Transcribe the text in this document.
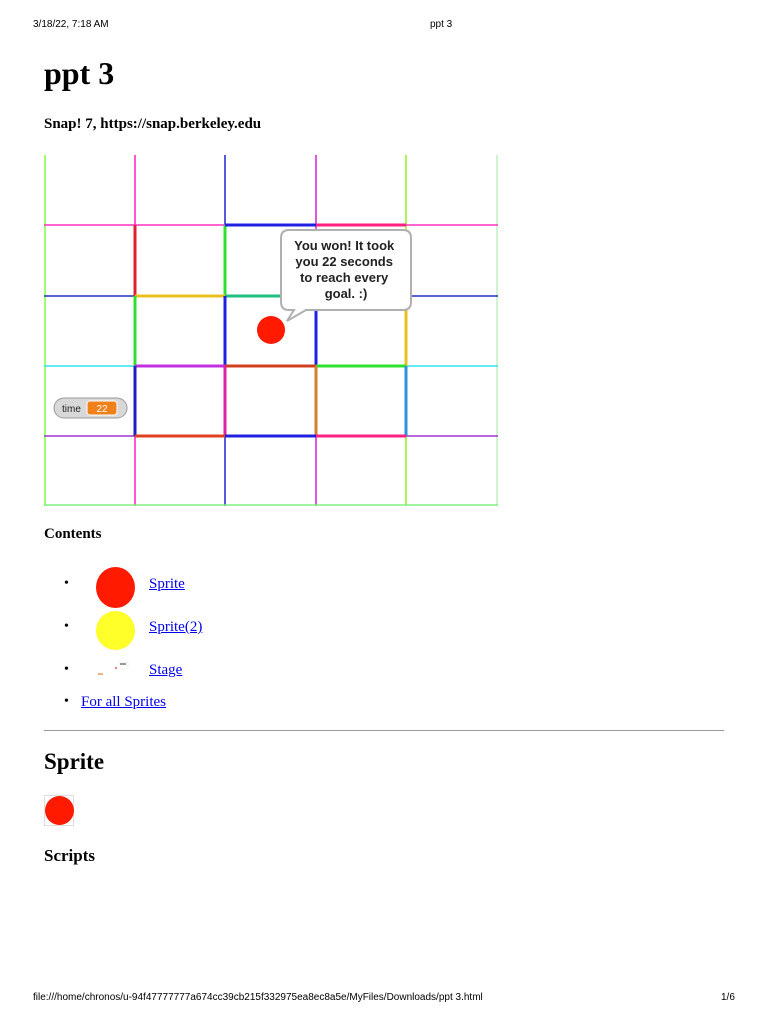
3/18/22, 7:18 AM	ppt 3
ppt 3
Snap! 7, https://snap.berkeley.edu
You won! It took you 22 seconds to reach every goal. :)
time 22
Contents
•	Sprite
•	Sprite(2)
•	Stage
• For all Sprites
Sprite
Scripts
file:///home/chronos/u-94f47777777a674cc39cb215f332975ea8ec8a5e/MyFiles/Downloads/ppt 3.html	1/6
